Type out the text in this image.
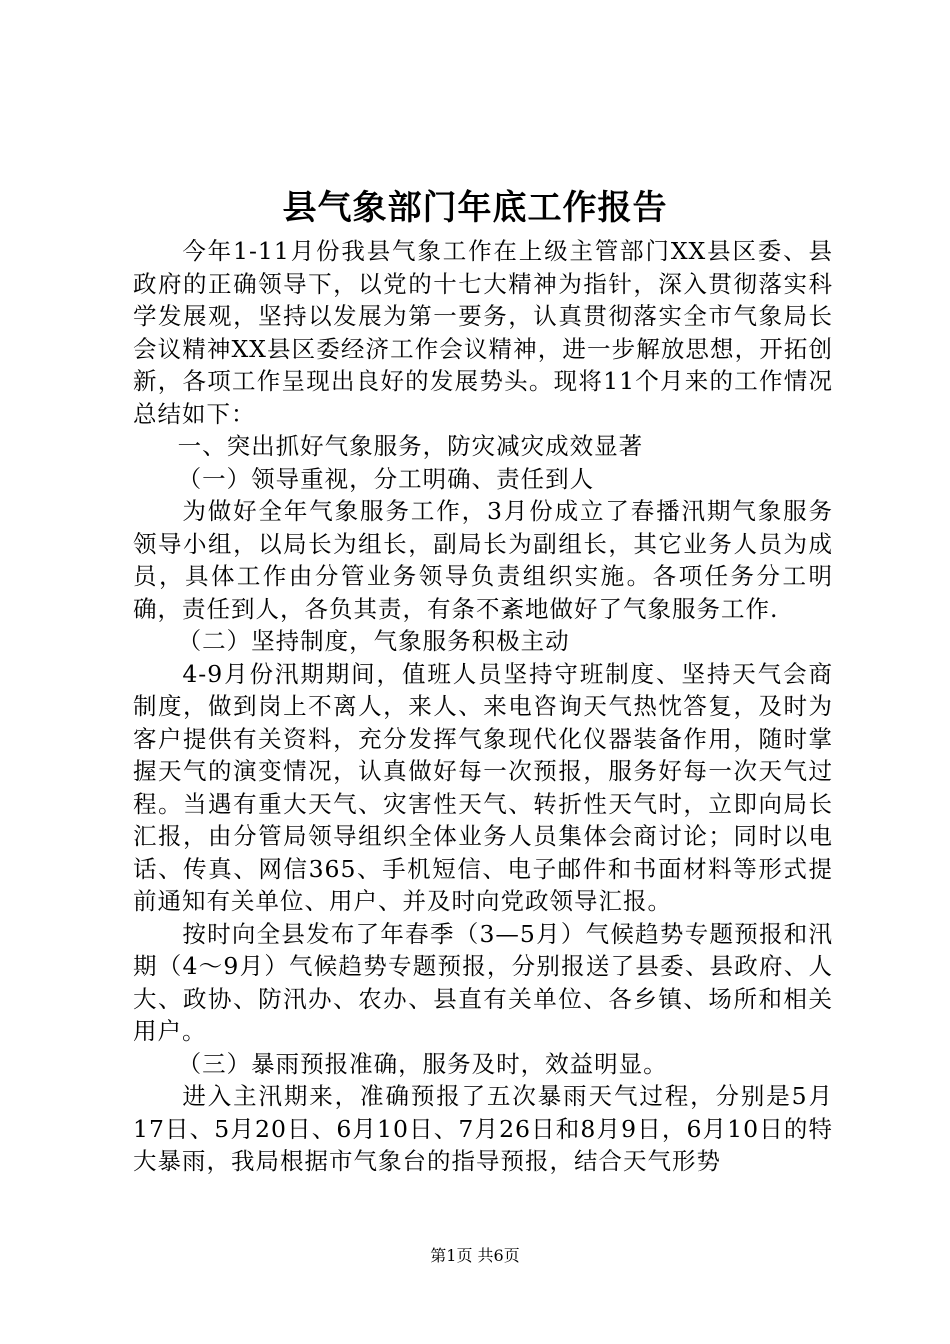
县气象部门年底工作报告

今年1-11月份我县气象工作在上级主管部门XX县区委、县政府的正确领导下，以党的十七大精神为指针，深入贯彻落实科学发展观，坚持以发展为第一要务，认真贯彻落实全市气象局长会议精神XX县区委经济工作会议精神，进一步解放思想，开拓创新，各项工作呈现出良好的发展势头。现将11个月来的工作情况总结如下：

一、突出抓好气象服务，防灾减灾成效显著

（一）领导重视，分工明确、责任到人

为做好全年气象服务工作，3月份成立了春播汛期气象服务领导小组，以局长为组长，副局长为副组长，其它业务人员为成员，具体工作由分管业务领导负责组织实施。各项任务分工明确，责任到人，各负其责，有条不紊地做好了气象服务工作.

（二）坚持制度，气象服务积极主动

4-9月份汛期期间，值班人员坚持守班制度、坚持天气会商制度，做到岗上不离人，来人、来电咨询天气热忱答复，及时为客户提供有关资料，充分发挥气象现代化仪器装备作用，随时掌握天气的演变情况，认真做好每一次预报，服务好每一次天气过程。当遇有重大天气、灾害性天气、转折性天气时，立即向局长汇报，由分管局领导组织全体业务人员集体会商讨论；同时以电话、传真、网信365、手机短信、电子邮件和书面材料等形式提前通知有关单位、用户、并及时向党政领导汇报。

按时向全县发布了年春季（3—5月）气候趋势专题预报和汛期（4～9月）气候趋势专题预报，分别报送了县委、县政府、人大、政协、防汛办、农办、县直有关单位、各乡镇、场所和相关用户。

（三）暴雨预报准确，服务及时，效益明显。

进入主汛期来，准确预报了五次暴雨天气过程，分别是5月17日、5月20日、6月10日、7月26日和8月9日，6月10日的特大暴雨，我局根据市气象台的指导预报，结合天气形势

第1页 共6页
